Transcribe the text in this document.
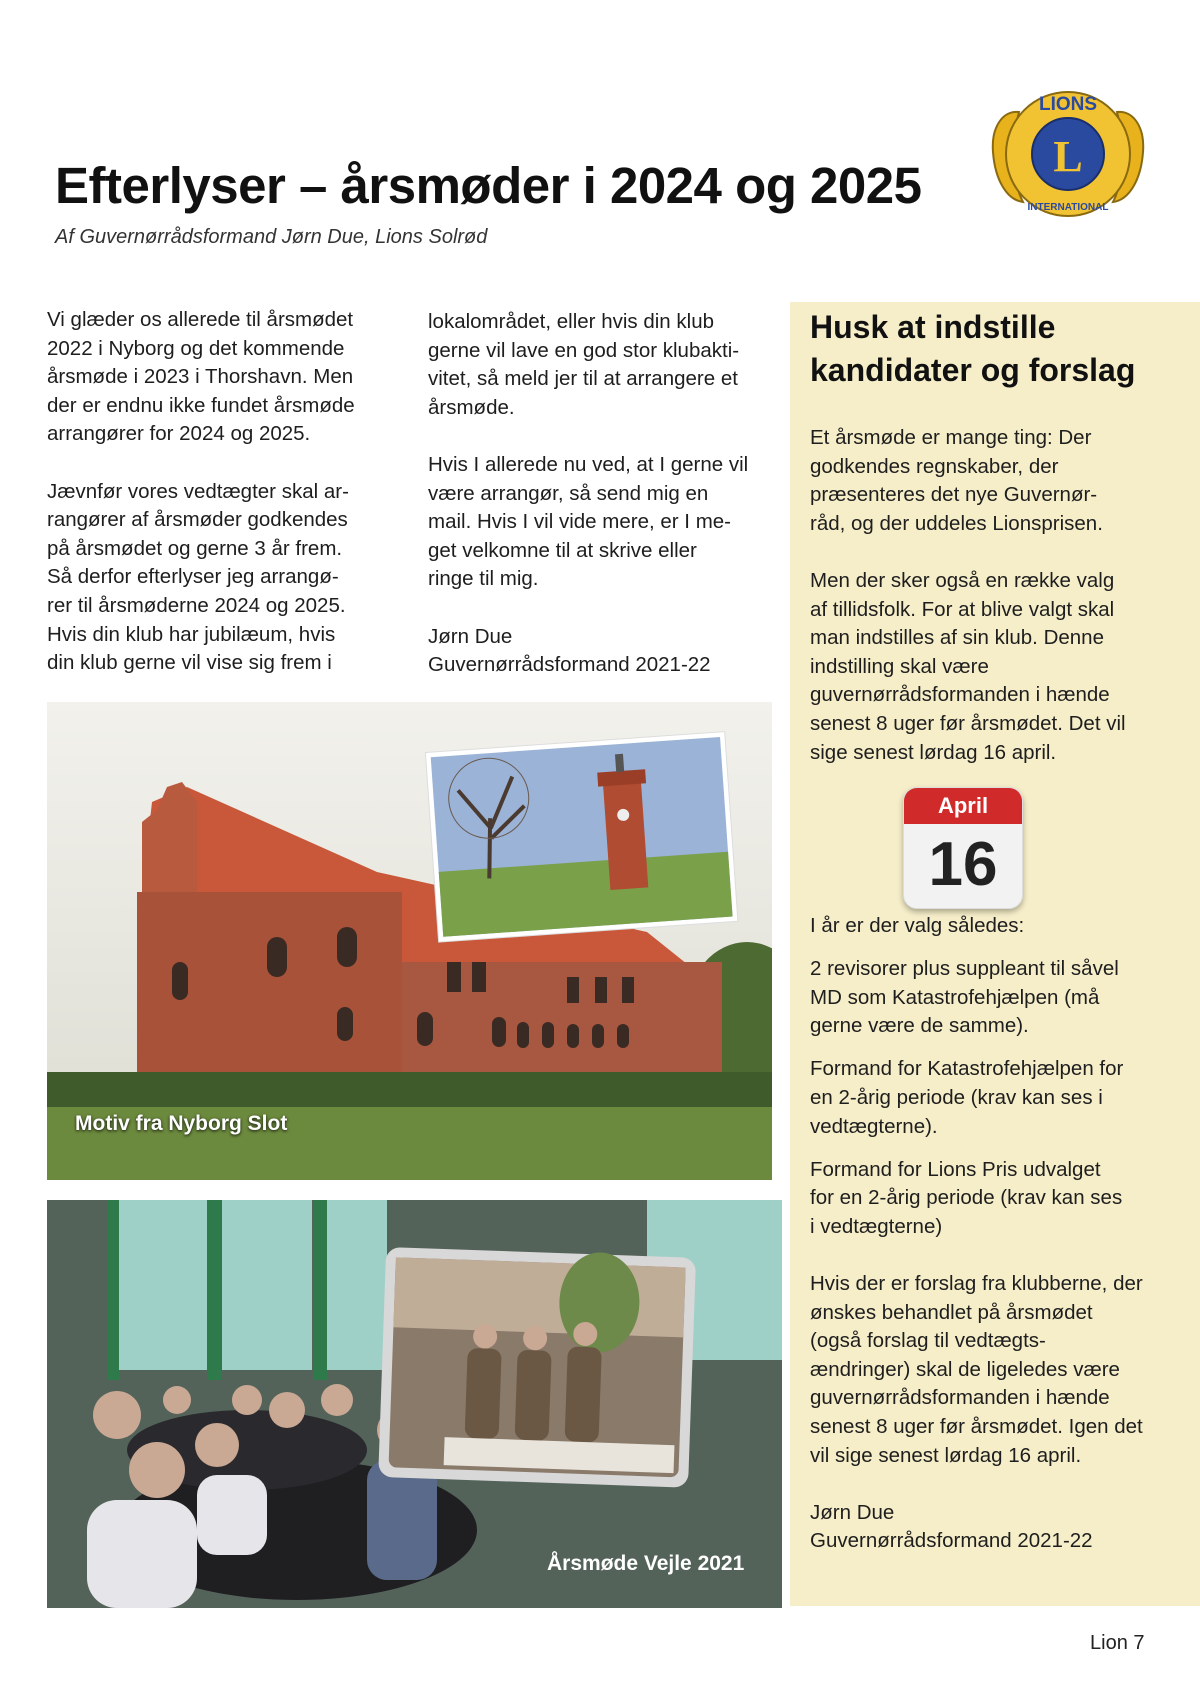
Efterlyser – årsmøder i 2024 og 2025
Af Guvernørrådsformand Jørn Due, Lions Solrød
L
LIONS
INTERNATIONAL

Vi glæder os allerede til årsmødet
2022 i Nyborg og det kommende
årsmøde i 2023 i Thorshavn. Men
der er endnu ikke fundet årsmøde
arrangører for 2024 og 2025.

Jævnfør vores vedtægter skal ar-
rangører af årsmøder godkendes
på årsmødet og gerne 3 år frem.
Så derfor efterlyser jeg arrangø-
rer til årsmøderne 2024 og 2025.
Hvis din klub har jubilæum, hvis
din klub gerne vil vise sig frem i

lokalområdet, eller hvis din klub
gerne vil lave en god stor klubakti-
vitet, så meld jer til at arrangere et
årsmøde.

Hvis I allerede nu ved, at I gerne vil
være arrangør, så send mig en
mail. Hvis I vil vide mere, er I me-
get velkomne til at skrive eller
ringe til mig.

Jørn Due
Guvernørrådsformand 2021-22
Husk at indstille
kandidater og forslag

Et årsmøde er mange ting: Der
godkendes regnskaber, der
præsenteres det nye Guvernør-
råd, og der uddeles Lionsprisen.

Men der sker også en række valg
af tillidsfolk. For at blive valgt skal
man indstilles af sin klub. Denne
indstilling skal være
guvernørrådsformanden i hænde
senest 8 uger før årsmødet. Det vil
sige senest lørdag 16 april.

April
16

I år er der valg således:

2 revisorer plus suppleant til såvel
MD som Katastrofehjælpen (må
gerne være de samme).

Formand for Katastrofehjælpen for
en 2-årig periode (krav kan ses i
vedtægterne).

Formand for Lions Pris udvalget
for en 2-årig periode (krav kan ses
i vedtægterne)

Hvis der er forslag fra klubberne, der
ønskes behandlet på årsmødet
(også forslag til vedtægts-
ændringer) skal de ligeledes være
guvernørrådsformanden i hænde
senest 8 uger før årsmødet. Igen det
vil sige senest lørdag 16 april.

Jørn Due
Guvernørrådsformand 2021-22
Motiv fra Nyborg Slot
Årsmøde Vejle 2021
Lion 7
